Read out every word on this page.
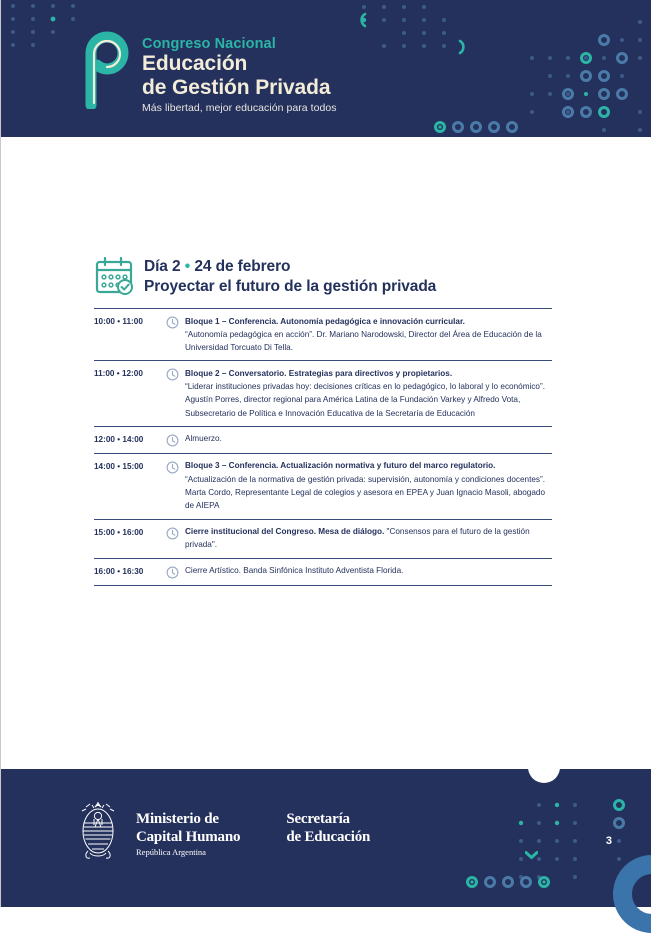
Congreso Nacional
Educación
de Gestión Privada
Más libertad, mejor educación para todos
Día 2 • 24 de febrero
Proyectar el futuro de la gestión privada
10:00 • 11:00	Bloque 1 – Conferencia. Autonomía pedagógica e innovación curricular.
“Autonomía pedagógica en acción”. Dr. Mariano Narodowski, Director del Área de Educación de la Universidad Torcuato Di Tella.
11:00 • 12:00	Bloque 2 – Conversatorio. Estrategias para directivos y propietarios.
“Liderar instituciones privadas hoy: decisiones críticas en lo pedagógico, lo laboral y lo económico”. Agustín Porres, director regional para América Latina de la Fundación Varkey y Alfredo Vota, Subsecretario de Política e Innovación Educativa de la Secretaría de Educación
12:00 • 14:00	Almuerzo.
14:00 • 15:00	Bloque 3 – Conferencia. Actualización normativa y futuro del marco regulatorio.
“Actualización de la normativa de gestión privada: supervisión, autonomía y condiciones docentes”. Marta Cordo, Representante Legal de colegios y asesora en EPEA y Juan Ignacio Masoli, abogado de AIEPA
15:00 • 16:00	Cierre institucional del Congreso. Mesa de diálogo. "Consensos para el futuro de la gestión privada".
16:00 • 16:30	Cierre Artístico. Banda Sinfónica Instituto Adventista Florida.
Ministerio de
Capital Humano
República Argentina
Secretaría
de Educación	3
